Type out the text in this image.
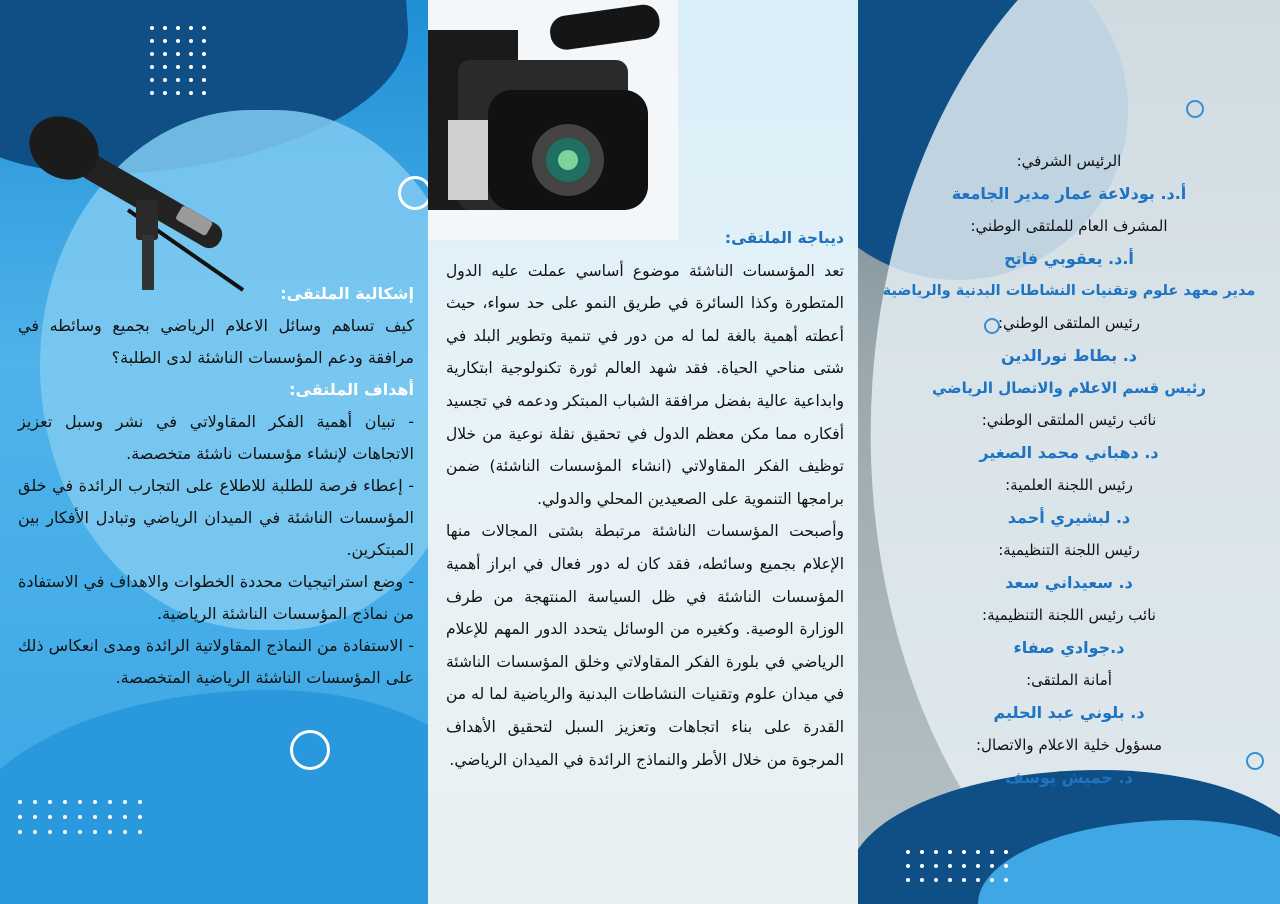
إشكالية الملتقى:
كيف تساهم وسائل الاعلام الرياضي بجميع وسائطه في مرافقة ودعم المؤسسات الناشئة لدى الطلبة؟
أهداف الملتقى:

- تبيان أهمية الفكر المقاولاتي في نشر وسبل تعزيز الاتجاهات لإنشاء مؤسسات ناشئة متخصصة.

- إعطاء فرصة للطلبة للاطلاع على التجارب الرائدة في خلق المؤسسات الناشئة في الميدان الرياضي وتبادل الأفكار بين المبتكرين.

- وضع استراتيجيات محددة الخطوات والاهداف في الاستفادة من نماذج المؤسسات الناشئة الرياضية.

- الاستفادة من النماذج المقاولاتية الرائدة ومدى انعكاس ذلك على المؤسسات الناشئة الرياضية المتخصصة.

ديباجة الملتقى:

تعد المؤسسات الناشئة موضوع أساسي عملت عليه الدول المتطورة وكذا السائرة في طريق النمو على حد سواء، حيث أعطته أهمية بالغة لما له من دور في تنمية وتطوير البلد في شتى مناحي الحياة. فقد شهد العالم ثورة تكنولوجية ابتكارية وابداعية عالية بفضل مرافقة الشباب المبتكر ودعمه في تجسيد أفكاره مما مكن معظم الدول في تحقيق نقلة نوعية من خلال توظيف الفكر المقاولاتي (انشاء المؤسسات الناشئة) ضمن برامجها التنموية على الصعيدين المحلي والدولي.

وأصبحت المؤسسات الناشئة مرتبطة بشتى المجالات منها الإعلام بجميع وسائطه، فقد كان له دور فعال في ابراز أهمية المؤسسات الناشئة في ظل السياسة المنتهجة من طرف الوزارة الوصية. وكغيره من الوسائل يتحدد الدور المهم للإعلام الرياضي في بلورة الفكر المقاولاتي وخلق المؤسسات الناشئة في ميدان علوم وتقنيات النشاطات البدنية والرياضية لما له من القدرة على بناء اتجاهات وتعزيز السبل لتحقيق الأهداف المرجوة من خلال الأطر والنماذج الرائدة في الميدان الرياضي.

الرئيس الشرفي:
أ.د. بودلاعة عمار مدير الجامعة
المشرف العام للملتقى الوطني:
أ.د. يعقوبي فاتح
مدير معهد علوم وتقنيات النشاطات البدنية والرياضية
رئيس الملتقى الوطني:
د. بطاط نورالدين
رئيس قسم الاعلام والاتصال الرياضي
نائب رئيس الملتقى الوطني:
د. دهباني محمد الصغير
رئيس اللجنة العلمية:
د. لبشيري أحمد
رئيس اللجنة التنظيمية:
د. سعيداني سعد
نائب رئيس اللجنة التنظيمية:
د.جوادي صفاء
أمانة الملتقى:
د. بلوني عبد الحليم
مسؤول خلية الاعلام والاتصال:
د. حميش يوسف
